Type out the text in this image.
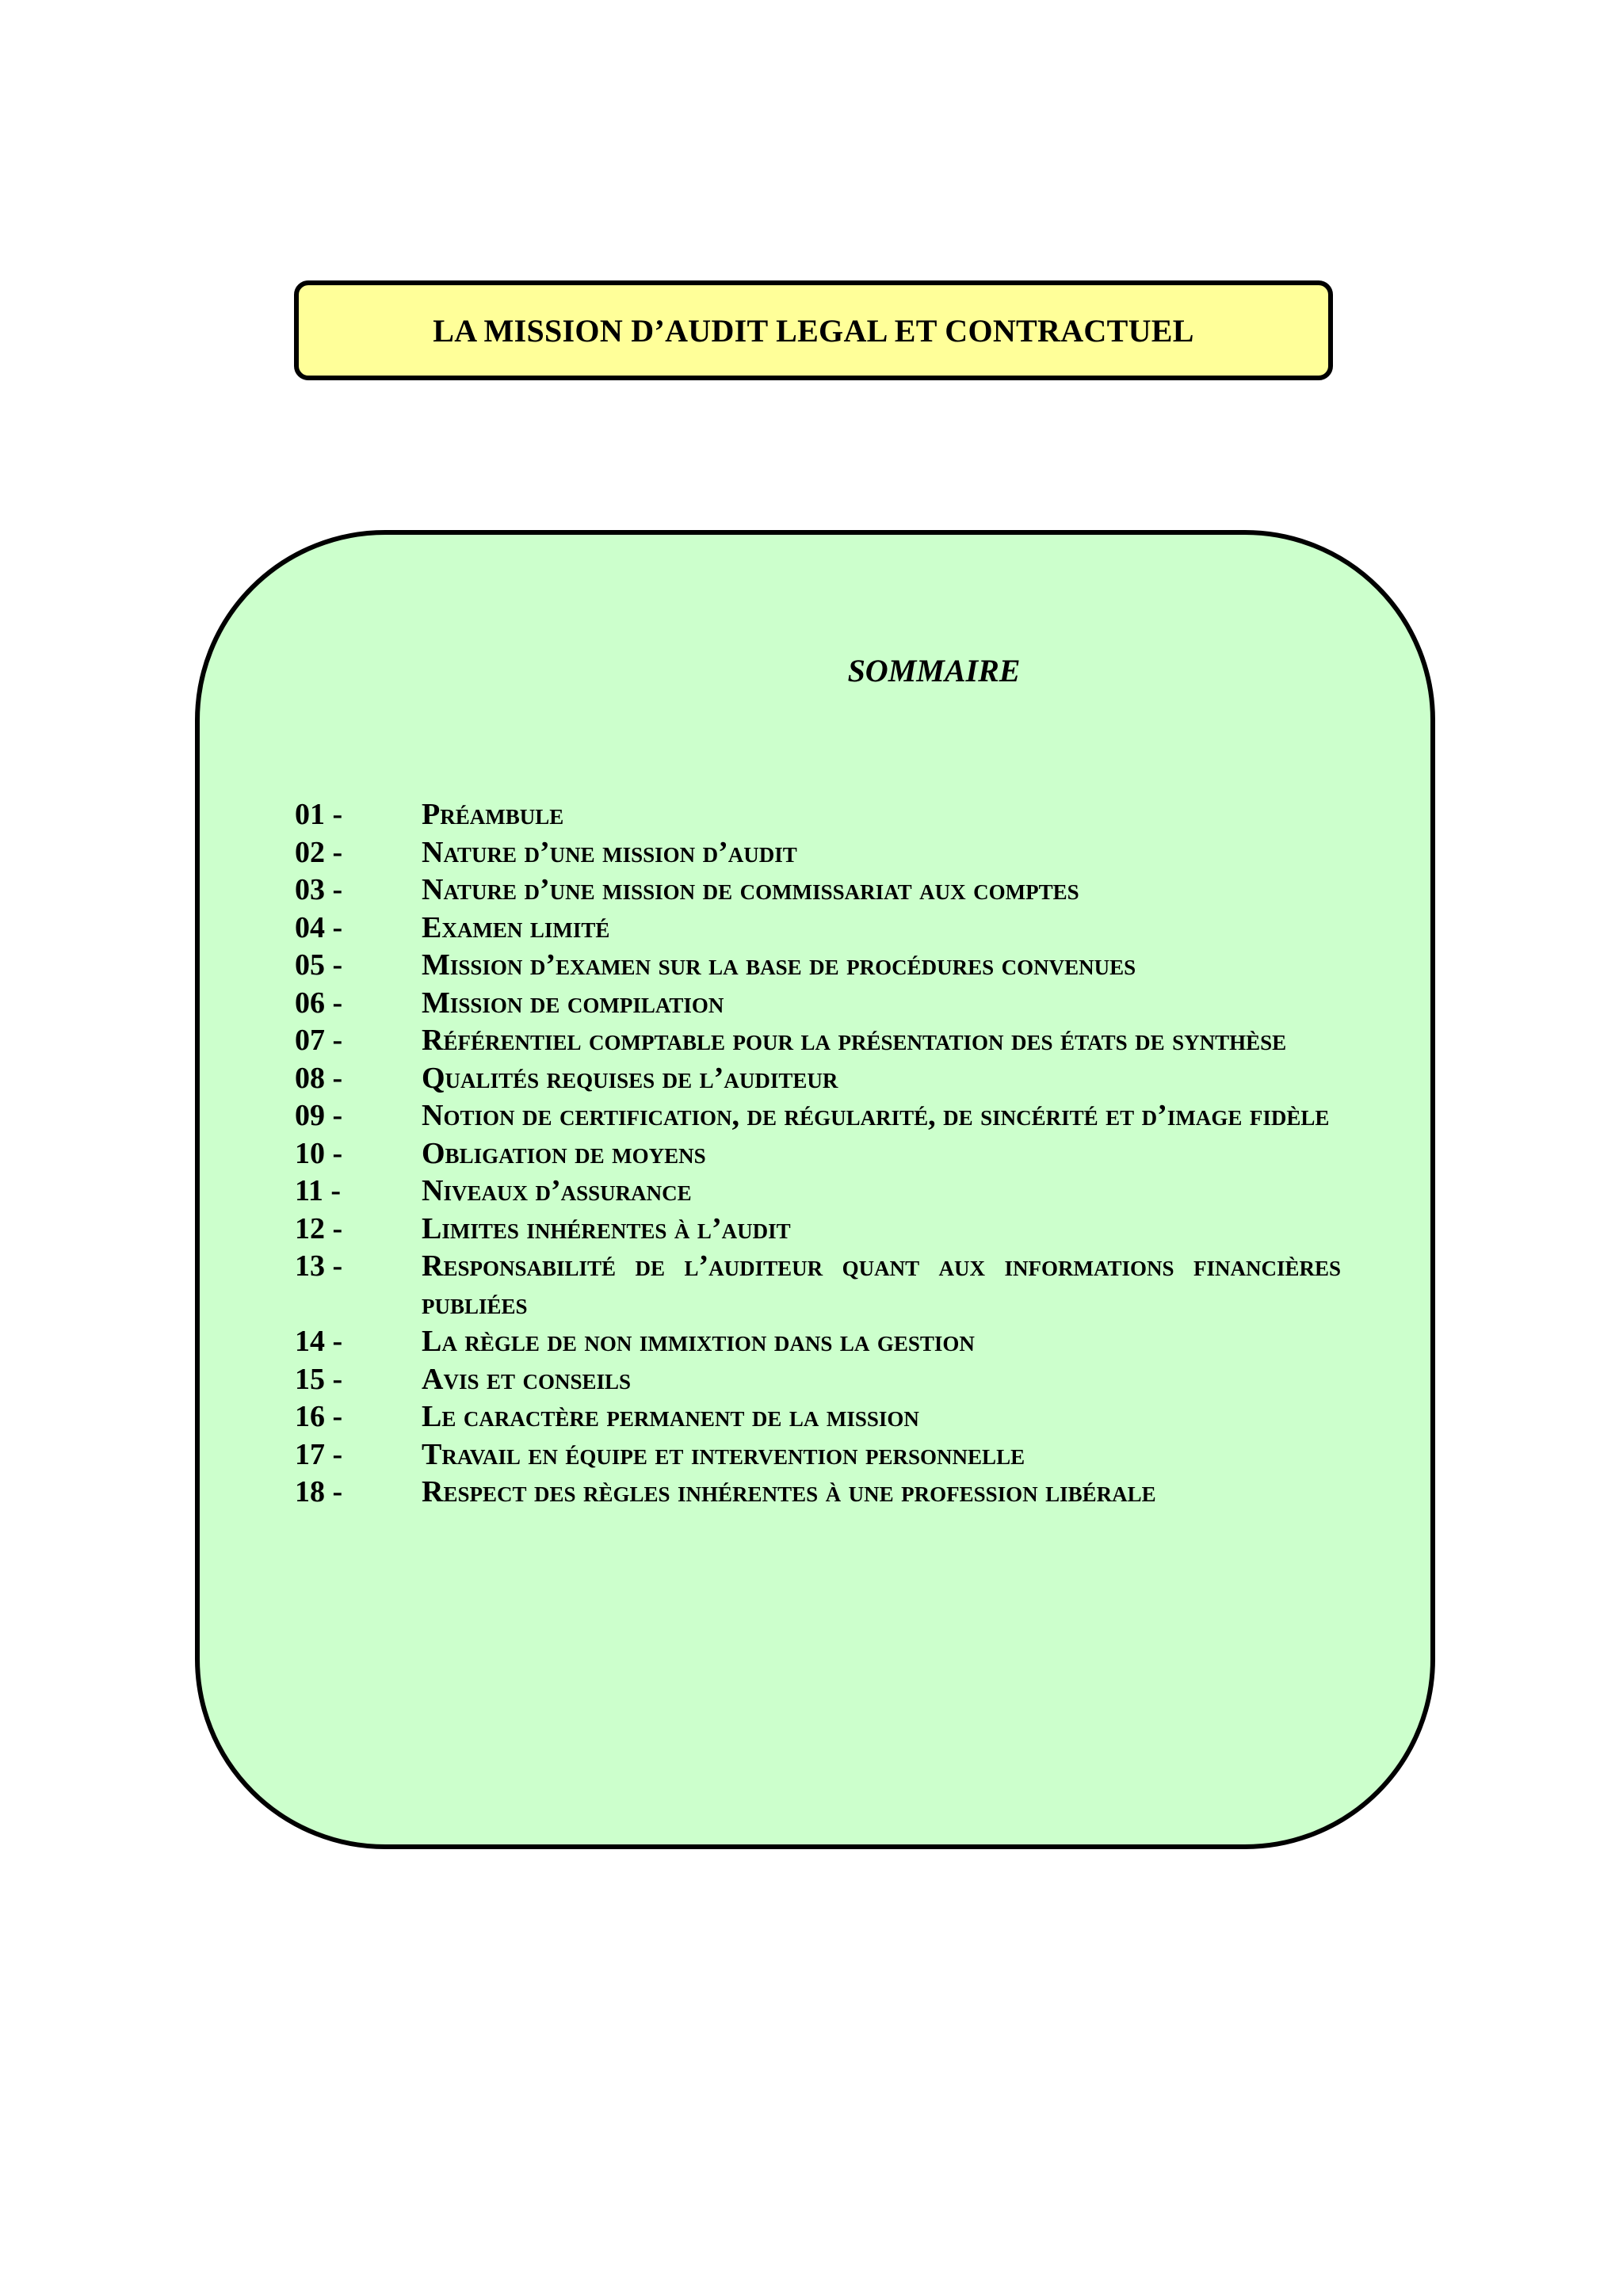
LA MISSION D’AUDIT LEGAL ET CONTRACTUEL
SOMMAIRE
01 -	Préambule
02 -	Nature d’une mission d’audit
03 -	Nature d’une mission de commissariat aux comptes
04 -	Examen limité
05 -	Mission d’examen sur la base de procédures convenues
06 -	Mission de compilation
07 -	Référentiel comptable pour la présentation des états de synthèse
08 -	Qualités requises de l’auditeur
09 -	Notion de certification, de régularité, de sincérité et d’image fidèle
10 -	Obligation de moyens
11 -	Niveaux d’assurance
12 -	Limites inhérentes à l’audit
13 -	Responsabilité de l’auditeur quant aux informations financières publiées
14 -	La règle de non immixtion dans la gestion
15 -	Avis et conseils
16 -	Le caractère permanent de la mission
17 -	Travail en équipe et intervention personnelle
18 -	Respect des règles inhérentes à une profession libérale
